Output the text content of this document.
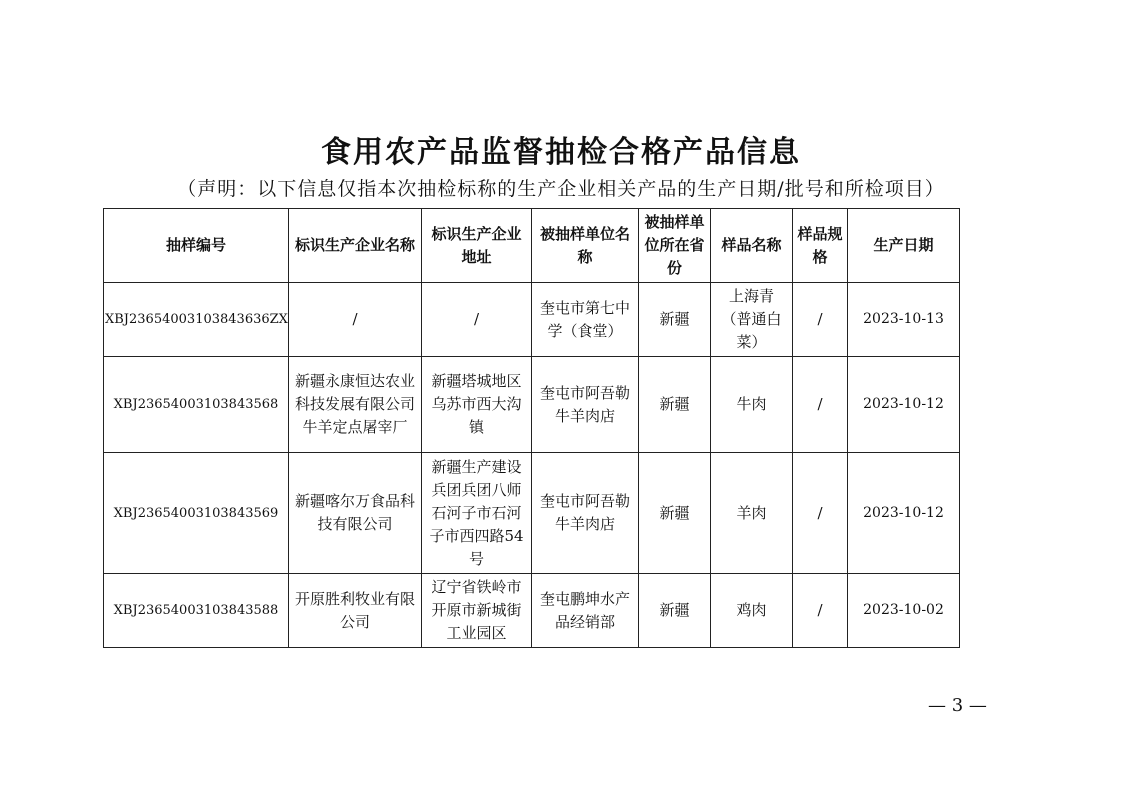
食用农产品监督抽检合格产品信息
（声明：以下信息仅指本次抽检标称的生产企业相关产品的生产日期/批号和所检项目）
抽样编号	标识生产企业名称	标识生产企业地址	被抽样单位名称	被抽样单位所在省份	样品名称	样品规格	生产日期
XBJ23654003103843636ZX	/	/	奎屯市第七中学（食堂）	新疆	上海青（普通白菜）	/	2023-10-13
XBJ23654003103843568	新疆永康恒达农业科技发展有限公司牛羊定点屠宰厂	新疆塔城地区乌苏市西大沟镇	奎屯市阿吾勒牛羊肉店	新疆	牛肉	/	2023-10-12
XBJ23654003103843569	新疆喀尔万食品科技有限公司	新疆生产建设兵团兵团八师石河子市石河子市西四路54号	奎屯市阿吾勒牛羊肉店	新疆	羊肉	/	2023-10-12
XBJ23654003103843588	开原胜利牧业有限公司	辽宁省铁岭市开原市新城街工业园区	奎屯鹏坤水产品经销部	新疆	鸡肉	/	2023-10-02
— 3 —
